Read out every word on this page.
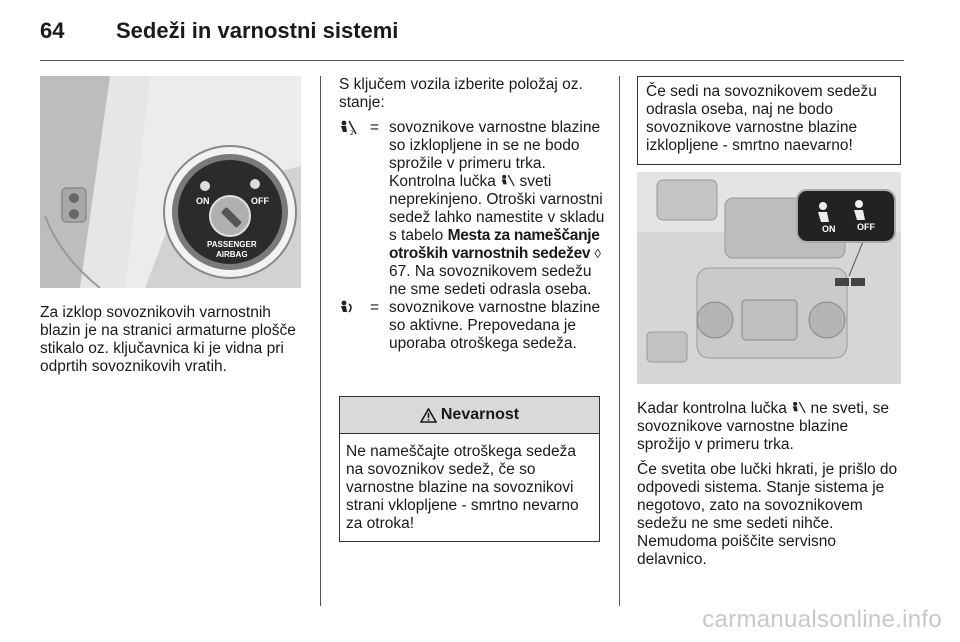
64 Sedeži in varnostni sistemi
ON	OFF
PASSENGER
AIRBAG

Za izklop sovoznikovih varnostnih blazin je na stranici armaturne plošče stikalo oz. ključavnica ki je vidna pri odprtih sovoznikovih vratih.

S ključem vozila izberite položaj oz. stanje:

2 = sovoznikove varnostne blazine so izklopljene in se ne bodo sprožile v primeru trka. Kontrolna lučka sveti neprekinjeno. Otroški varnostni sedež lahko namestite v skladu s tabelo Mesta za nameščanje otroških varnostnih sedežev ◊ 67. Na sovoznikovem sedežu ne sme sedeti odrasla oseba.
= sovoznikove varnostne blazine so aktivne. Prepovedana je uporaba otroškega sedeža.
Nevarnost
Ne nameščajte otroškega sedeža na sovoznikov sedež, če so varnostne blazine na sovoznikovi strani vklopljene - smrtno nevarno za otroka!
Če sedi na sovoznikovem sedežu odrasla oseba, naj ne bodo sovoznikove varnostne blazine izklopljene - smrtno naevarno!
ON OFF

Kadar kontrolna lučka ne sveti, se sovoznikove varnostne blazine sprožijo v primeru trka.

Če svetita obe lučki hkrati, je prišlo do odpovedi sistema. Stanje sistema je negotovo, zato na sovoznikovem sedežu ne sme sedeti nihče. Nemudoma poiščite servisno delavnico.

carmanualsonline.info
